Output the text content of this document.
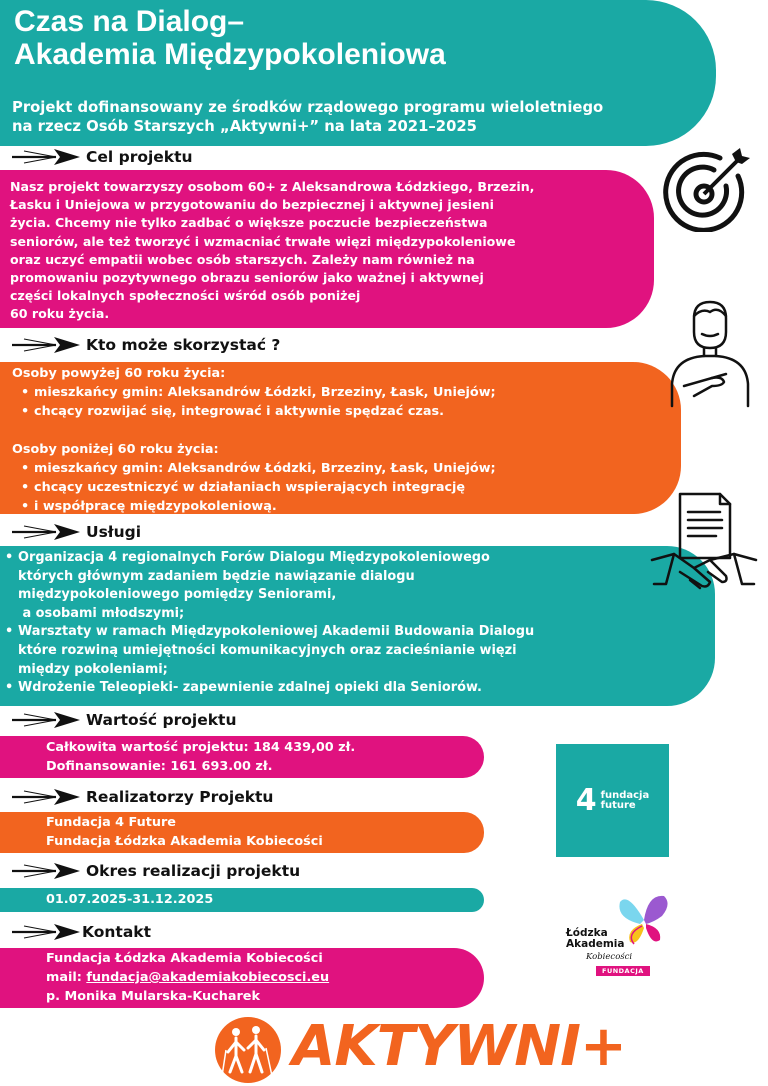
Czas na Dialog–
Akademia Międzypokoleniowa
Projekt dofinansowany ze środków rządowego programu wieloletniego
na rzecz Osób Starszych „Aktywni+” na lata 2021–2025
Cel projektu
Nasz projekt towarzyszy osobom 60+ z Aleksandrowa Łódzkiego, Brzezin,
Łasku i Uniejowa w przygotowaniu do bezpiecznej i aktywnej jesieni
życia. Chcemy nie tylko zadbać o większe poczucie bezpieczeństwa
seniorów, ale też tworzyć i wzmacniać trwałe więzi międzypokoleniowe
oraz uczyć empatii wobec osób starszych. Zależy nam również na
promowaniu pozytywnego obrazu seniorów jako ważnej i aktywnej
części lokalnych społeczności wśród osób poniżej
60 roku życia.
Kto może skorzystać ?
Osoby powyżej 60 roku życia:
• mieszkańcy gmin: Aleksandrów Łódzki, Brzeziny, Łask, Uniejów;
• chcący rozwijać się, integrować i aktywnie spędzać czas.
Osoby poniżej 60 roku życia:
• mieszkańcy gmin: Aleksandrów Łódzki, Brzeziny, Łask, Uniejów;
• chcący uczestniczyć w działaniach wspierających integrację
• i współpracę międzypokoleniową.
Usługi
• Organizacja 4 regionalnych Forów Dialogu Międzypokoleniowego
których głównym zadaniem będzie nawiązanie dialogu
międzypokoleniowego pomiędzy Seniorami,
a osobami młodszymi;
• Warsztaty w ramach Międzypokoleniowej Akademii Budowania Dialogu
które rozwiną umiejętności komunikacyjnych oraz zacieśnianie więzi
między pokoleniami;
• Wdrożenie Teleopieki- zapewnienie zdalnej opieki dla Seniorów.
Wartość projektu
Całkowita wartość projektu: 184 439,00 zł.
Dofinansowanie: 161 693.00 zł.
Realizatorzy Projektu
Fundacja 4 Future
Fundacja Łódzka Akademia Kobiecości
Okres realizacji projektu
01.07.2025-31.12.2025
Kontakt
Fundacja Łódzka Akademia Kobiecości
mail: fundacja@akademiakobiecosci.eu
p. Monika Mularska-Kucharek
4 fundacja
future
Łódzka
Akademia
Kobiecości
FUNDACJA
AKTYWNI+
